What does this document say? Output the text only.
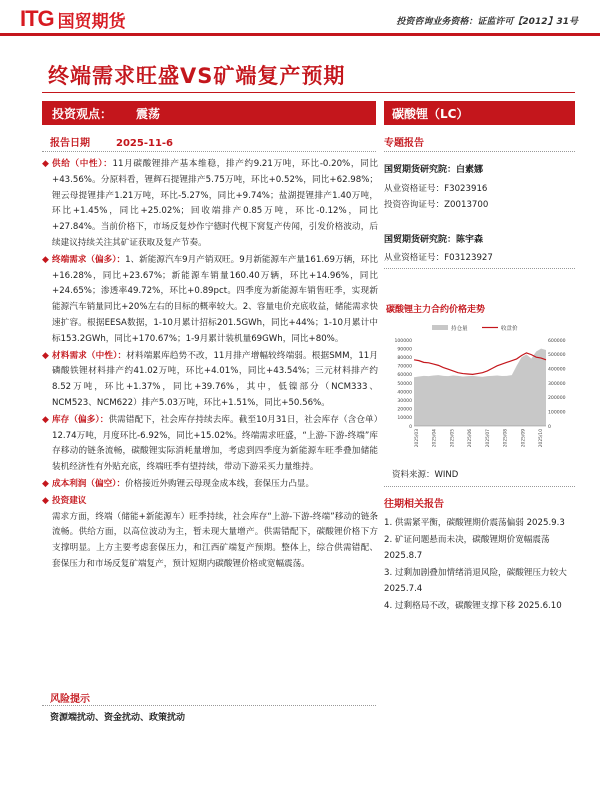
ITG 国贸期货	投资咨询业务资格：证监许可【2012】31号
终端需求旺盛VS矿端复产预期
投资观点： 震荡	碳酸锂（LC）
报告日期	2025-11-6
◆ 供给（中性）：11月碳酸锂排产基本维稳，排产约9.21万吨，环比-0.20%，同比+43.56%。分原料看，锂辉石提锂排产5.75万吨，环比+0.52%，同比+62.98%；锂云母提锂排产1.21万吨，环比-5.27%，同比+9.74%；盐湖提锂排产1.40万吨，环比+1.45%，同比+25.02%；回收端排产0.85万吨，环比-0.12%，同比+27.84%。当前价格下，市场反复炒作宁德时代枧下窝复产传闻，引发价格波动，后续建议持续关注其矿证获取及复产节奏。
◆ 终端需求（偏多）：1、新能源汽车9月产销双旺。9月新能源车产量161.69万辆，环比+16.28%，同比+23.67%；新能源车销量160.40万辆，环比+14.96%，同比+24.65%；渗透率49.72%，环比+0.89pct。四季度为新能源车销售旺季，实现新能源汽车销量同比+20%左右的目标的概率较大。2、容量电价充底收益，储能需求快速扩容。根据EESA数据，1-10月累计招标201.5GWh，同比+44%；1-10月累计中标153.2GWh，同比+170.67%；1-9月累计装机量69GWh，同比+80%。
◆ 材料需求（中性）：材料端累库趋势不改，11月排产增幅较终端弱。根据SMM，11月磷酸铁锂材料排产约41.02万吨，环比+4.01%，同比+43.54%；三元材料排产约8.52万吨，环比+1.37%，同比+39.76%，其中，低镍部分（NCM333、NCM523、NCM622）排产5.03万吨，环比+1.51%，同比+50.56%。
◆ 库存（偏多）：供需错配下，社会库存持续去库。截至10月31日，社会库存（含仓单）12.74万吨，月度环比-6.92%，同比+15.02%。终端需求旺盛，“上游-下游-终端”库存移动的链条流畅，碳酸锂实际消耗量增加，考虑到四季度为新能源车旺季叠加储能装机经济性有外贴充底，终端旺季有望持续，带动下游采买力量维持。
◆ 成本利润（偏空）：价格接近外购锂云母现金成本线，套保压力凸显。
◆ 投资建议
需求方面，终端（储能+新能源车）旺季持续，社会库存“上游-下游-终端”移动的链条流畅。供给方面，以高位波动为主，暂未现大量增产。供需错配下，碳酸锂价格下方支撑明显。上方主要考虑套保压力，和江西矿端复产预期。整体上，综合供需错配、套保压力和市场反复矿端复产，预计短期内碳酸锂价格或宽幅震荡。
风险提示
资源端扰动、资金扰动、政策扰动
专题报告
国贸期货研究院：白素娜
从业资格证号：F3023916
投资咨询证号：Z0013700
国贸期货研究院：陈宇森
从业资格证号：F03123927
碳酸锂主力合约价格走势
持仓量	收盘价
100000
90000
80000
70000
60000
50000
40000
30000
20000
10000
0
600000
500000
400000
300000
200000
100000
0
2025/03	2025/04	2025/05	2025/06	2025/07	2025/08	2025/09	2025/10
资料来源：WIND
往期相关报告
1. 供需紧平衡，碳酸锂期价震荡偏弱 2025.9.3
2. 矿证问题悬而未决，碳酸锂期价宽幅震荡 2025.8.7
3. 过剩加剧叠加情绪消退风险，碳酸锂压力较大 2025.7.4
4. 过剩格局不改，碳酸锂支撑下移 2025.6.10
